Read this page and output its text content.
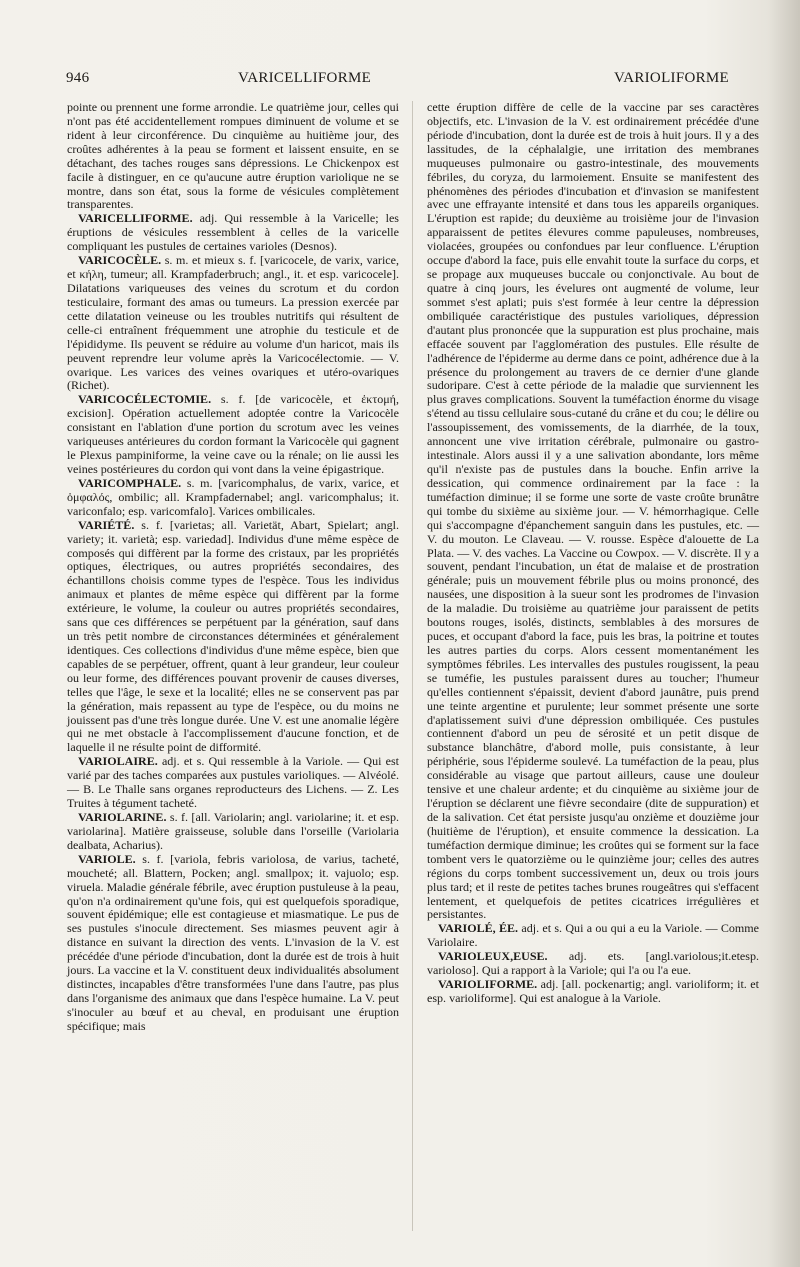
946	VARICELLIFORME	VARIOLIFORME

pointe ou prennent une forme arrondie. Le quatrième jour, celles qui n'ont pas été accidentellement rompues diminuent de volume et se rident à leur circonférence. Du cinquième au huitième jour, des croûtes adhérentes à la peau se forment et laissent ensuite, en se détachant, des taches rouges sans dépressions. Le Chickenpox est facile à distinguer, en ce qu'aucune autre éruption variolique ne se montre, dans son état, sous la forme de vésicules complètement transparentes.

VARICELLIFORME. adj. Qui ressemble à la Varicelle; les éruptions de vésicules ressemblent à celles de la varicelle compliquant les pustules de certaines varioles (Desnos).

VARICOCÈLE. s. m. et mieux s. f. [varicocele, de varix, varice, et κήλη, tumeur; all. Krampfaderbruch; angl., it. et esp. varicocele]. Dilatations variqueuses des veines du scrotum et du cordon testiculaire, formant des amas ou tumeurs. La pression exercée par cette dilatation veineuse ou les troubles nutritifs qui résultent de celle-ci entraînent fréquemment une atrophie du testicule et de l'épididyme. Ils peuvent se réduire au volume d'un haricot, mais ils peuvent reprendre leur volume après la Varicocélectomie. — V. ovarique. Les varices des veines ovariques et utéro-ovariques (Richet).

VARICOCÉLECTOMIE. s. f. [de varicocèle, et ἐκτομή, excision]. Opération actuellement adoptée contre la Varicocèle consistant en l'ablation d'une portion du scrotum avec les veines variqueuses antérieures du cordon formant la Varicocèle qui gagnent le Plexus pampiniforme, la veine cave ou la rénale; on lie aussi les veines postérieures du cordon qui vont dans la veine épigastrique.

VARICOMPHALE. s. m. [varicomphalus, de varix, varice, et ὀμφαλός, ombilic; all. Krampfadernabel; angl. varicomphalus; it. variconfalo; esp. varicomfalo]. Varices ombilicales.

VARIÉTÉ. s. f. [varietas; all. Varietät, Abart, Spielart; angl. variety; it. varietà; esp. variedad]. Individus d'une même espèce de composés qui diffèrent par la forme des cristaux, par les propriétés optiques, électriques, ou autres propriétés secondaires, des échantillons choisis comme types de l'espèce. Tous les individus animaux et plantes de même espèce qui diffèrent par la forme extérieure, le volume, la couleur ou autres propriétés secondaires, sans que ces différences se perpétuent par la génération, sauf dans un très petit nombre de circonstances déterminées et généralement identiques. Ces collections d'individus d'une même espèce, bien que capables de se perpétuer, offrent, quant à leur grandeur, leur couleur ou leur forme, des différences pouvant provenir de causes diverses, telles que l'âge, le sexe et la localité; elles ne se conservent pas par la génération, mais repassent au type de l'espèce, ou du moins ne jouissent pas d'une très longue durée. Une V. est une anomalie légère qui ne met obstacle à l'accomplissement d'aucune fonction, et de laquelle il ne résulte point de difformité.

VARIOLAIRE. adj. et s. Qui ressemble à la Variole. — Qui est varié par des taches comparées aux pustules varioliques. — Alvéolé. — B. Le Thalle sans organes reproducteurs des Lichens. — Z. Les Truites à tégument tacheté.

VARIOLARINE. s. f. [all. Variolarin; angl. variolarine; it. et esp. variolarina]. Matière graisseuse, soluble dans l'orseille (Variolaria dealbata, Acharius).

VARIOLE. s. f. [variola, febris variolosa, de varius, tacheté, moucheté; all. Blattern, Pocken; angl. smallpox; it. vajuolo; esp. viruela. Maladie générale fébrile, avec éruption pustuleuse à la peau, qu'on n'a ordinairement qu'une fois, qui est quelquefois sporadique, souvent épidémique; elle est contagieuse et miasmatique. Le pus de ses pustules s'inocule directement. Ses miasmes peuvent agir à distance en suivant la direction des vents. L'invasion de la V. est précédée d'une période d'incubation, dont la durée est de trois à huit jours. La vaccine et la V. constituent deux individualités absolument distinctes, incapables d'être transformées l'une dans l'autre, pas plus dans l'organisme des animaux que dans l'espèce humaine. La V. peut s'inoculer au bœuf et au cheval, en produisant une éruption spécifique; mais

cette éruption diffère de celle de la vaccine par ses caractères objectifs, etc. L'invasion de la V. est ordinairement précédée d'une période d'incubation, dont la durée est de trois à huit jours. Il y a des lassitudes, de la céphalalgie, une irritation des membranes muqueuses pulmonaire ou gastro-intestinale, des mouvements fébriles, du coryza, du larmoiement. Ensuite se manifestent des phénomènes des périodes d'incubation et d'invasion se manifestent avec une effrayante intensité et dans tous les appareils organiques. L'éruption est rapide; du deuxième au troisième jour de l'invasion apparaissent de petites élevures comme papuleuses, nombreuses, violacées, groupées ou confondues par leur confluence. L'éruption occupe d'abord la face, puis elle envahit toute la surface du corps, et se propage aux muqueuses buccale ou conjonctivale. Au bout de quatre à cinq jours, les évelures ont augmenté de volume, leur sommet s'est aplati; puis s'est formée à leur centre la dépression ombiliquée caractéristique des pustules varioliques, dépression d'autant plus prononcée que la suppuration est plus prochaine, mais effacée souvent par l'agglomération des pustules. Elle résulte de l'adhérence de l'épiderme au derme dans ce point, adhérence due à la présence du prolongement au travers de ce dernier d'une glande sudoripare. C'est à cette période de la maladie que surviennent les plus graves complications. Souvent la tuméfaction énorme du visage s'étend au tissu cellulaire sous-cutané du crâne et du cou; le délire ou l'assoupissement, des vomissements, de la diarrhée, de la toux, annoncent une vive irritation cérébrale, pulmonaire ou gastro-intestinale. Alors aussi il y a une salivation abondante, lors même qu'il n'existe pas de pustules dans la bouche. Enfin arrive la dessication, qui commence ordinairement par la face : la tuméfaction diminue; il se forme une sorte de vaste croûte brunâtre qui tombe du sixième au sixième jour. — V. hémorrhagique. Celle qui s'accompagne d'épanchement sanguin dans les pustules, etc. — V. du mouton. Le Claveau. — V. rousse. Espèce d'alouette de La Plata. — V. des vaches. La Vaccine ou Cowpox. — V. discrète. Il y a souvent, pendant l'incubation, un état de malaise et de prostration générale; puis un mouvement fébrile plus ou moins prononcé, des nausées, une disposition à la sueur sont les prodromes de l'invasion de la maladie. Du troisième au quatrième jour paraissent de petits boutons rouges, isolés, distincts, semblables à des morsures de puces, et occupant d'abord la face, puis les bras, la poitrine et toutes les autres parties du corps. Alors cessent momentanément les symptômes fébriles. Les intervalles des pustules rougissent, la peau se tuméfie, les pustules paraissent dures au toucher; l'humeur qu'elles contiennent s'épaissit, devient d'abord jaunâtre, puis prend une teinte argentine et purulente; leur sommet présente une sorte d'aplatissement suivi d'une dépression ombiliquée. Ces pustules contiennent d'abord un peu de sérosité et un petit disque de substance blanchâtre, d'abord molle, puis consistante, à leur périphérie, sous l'épiderme soulevé. La tuméfaction de la peau, plus considérable au visage que partout ailleurs, cause une douleur tensive et une chaleur ardente; et du cinquième au sixième jour de l'éruption se déclarent une fièvre secondaire (dite de suppuration) et de la salivation. Cet état persiste jusqu'au onzième et douzième jour (huitième de l'éruption), et ensuite commence la dessication. La tuméfaction dermique diminue; les croûtes qui se forment sur la face tombent vers le quatorzième ou le quinzième jour; celles des autres régions du corps tombent successivement un, deux ou trois jours plus tard; et il reste de petites taches brunes rougeâtres qui s'effacent lentement, et quelquefois de petites cicatrices irrégulières et persistantes.

VARIOLÉ, ÉE. adj. et s. Qui a ou qui a eu la Variole. — Comme Variolaire.

VARIOLEUX,EUSE. adj. ets. [angl.variolous;it.etesp. varioloso]. Qui a rapport à la Variole; qui l'a ou l'a eue.

VARIOLIFORME. adj. [all. pockenartig; angl. varioliform; it. et esp. varioliforme]. Qui est analogue à la Variole.
